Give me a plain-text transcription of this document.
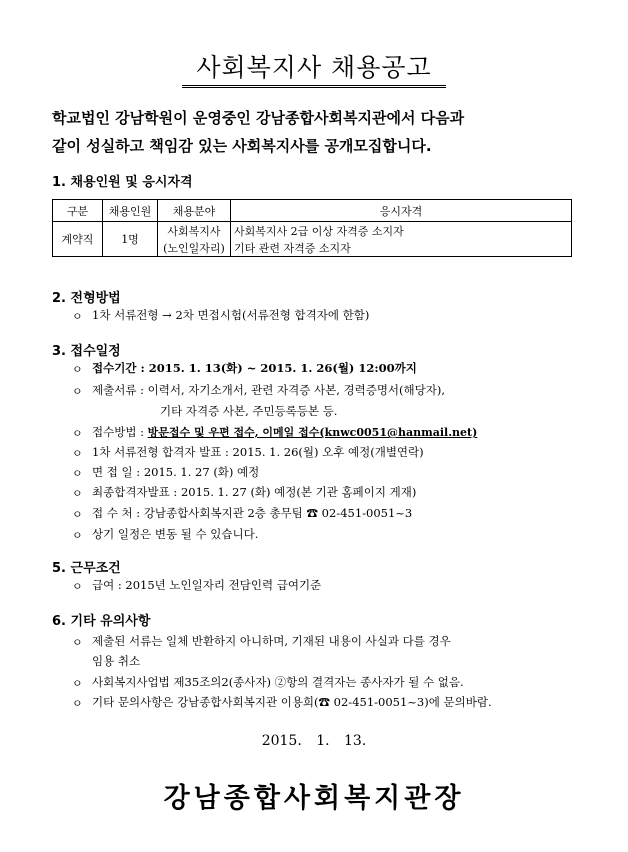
사회복지사 채용공고
학교법인 강남학원이 운영중인 강남종합사회복지관에서 다음과
같이 성실하고 책임감 있는 사회복지사를 공개모집합니다.
1. 채용인원 및 응시자격
구분	채용인원	채용분야	응시자격
계약직	1명	사회복지사	사회복지사 2급 이상 자격증 소지자
		(노인일자리)	기타 관련 자격증 소지자
2. 전형방법
ㅇ 1차 서류전형 → 2차 면접시험(서류전형 합격자에 한함)
3. 접수일정
ㅇ 접수기간 : 2015. 1. 13(화) ~ 2015. 1. 26(월) 12:00까지
ㅇ 제출서류 : 이력서, 자기소개서, 관련 자격증 사본, 경력증명서(해당자),
기타 자격증 사본, 주민등록등본 등.
ㅇ 접수방법 : 방문접수 및 우편 접수, 이메일 접수(knwc0051@hanmail.net)
ㅇ 1차 서류전형 합격자 발표 : 2015. 1. 26(월) 오후 예정(개별연락)
ㅇ 면 접 일 : 2015. 1. 27 (화) 예정
ㅇ 최종합격자발표 : 2015. 1. 27 (화) 예정(본 기관 홈페이지 게재)
ㅇ 접 수 처 : 강남종합사회복지관 2층 총무팀 ☎ 02-451-0051~3
ㅇ 상기 일정은 변동 될 수 있습니다.
5. 근무조건
ㅇ 급여 : 2015년 노인일자리 전담인력 급여기준
6. 기타 유의사항
ㅇ 제출된 서류는 일체 반환하지 아니하며, 기재된 내용이 사실과 다를 경우
임용 취소
ㅇ 사회복지사업법 제35조의2(종사자) ②항의 결격자는 종사자가 될 수 없음.
ㅇ 기타 문의사항은 강남종합사회복지관 이용희(☎ 02-451-0051~3)에 문의바람.
2015. 1. 13.
강남종합사회복지관장
